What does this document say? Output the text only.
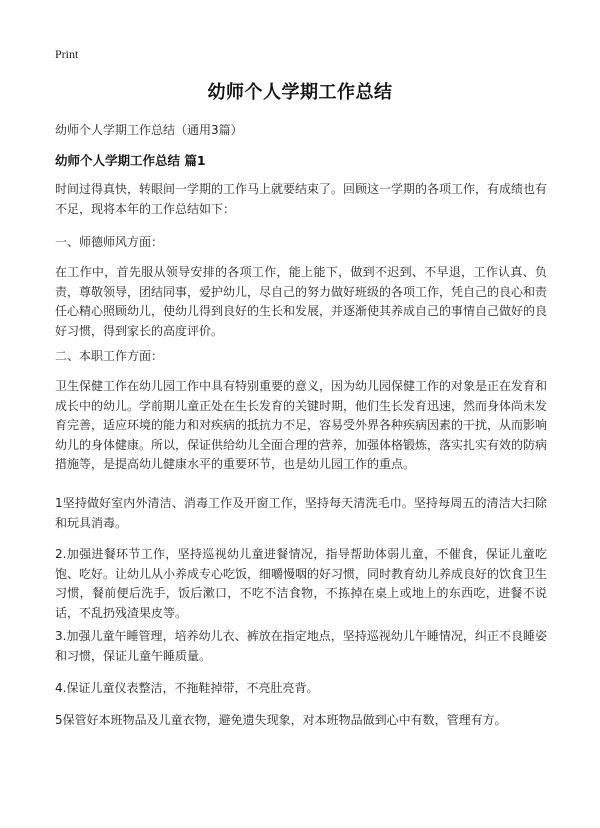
Print
幼师个人学期工作总结
幼师个人学期工作总结（通用3篇）
幼师个人学期工作总结 篇1
时间过得真快，转眼间一学期的工作马上就要结束了。回顾这一学期的各项工作，有成绩也有不足，现将本年的工作总结如下：
一、师德师风方面：
在工作中，首先服从领导安排的各项工作，能上能下，做到不迟到、不早退，工作认真、负责，尊敬领导，团结同事，爱护幼儿，尽自己的努力做好班级的各项工作，凭自己的良心和责任心精心照顾幼儿，使幼儿得到良好的生长和发展，并逐渐使其养成自己的事情自己做好的良好习惯，得到家长的高度评价。
二、本职工作方面：
卫生保健工作在幼儿园工作中具有特别重要的意义，因为幼儿园保健工作的对象是正在发育和成长中的幼儿。学前期儿童正处在生长发育的关键时期，他们生长发育迅速，然而身体尚未发育完善，适应环境的能力和对疾病的抵抗力不足，容易受外界各种疾病因素的干扰，从而影响幼儿的身体健康。所以，保证供给幼儿全面合理的营养，加强体格锻炼，落实扎实有效的防病措施等，是提高幼儿健康水平的重要环节，也是幼儿园工作的重点。
1坚持做好室内外清洁、消毒工作及开窗工作，坚持每天清洗毛巾。坚持每周五的清洁大扫除和玩具消毒。
2.加强进餐环节工作，坚持巡视幼儿童进餐情况，指导帮助体弱儿童，不催食，保证儿童吃饱、吃好。让幼儿从小养成专心吃饭，细嚼慢咽的好习惯，同时教育幼儿养成良好的饮食卫生习惯，餐前便后洗手，饭后漱口，不吃不洁食物，不拣掉在桌上或地上的东西吃，进餐不说话，不乱扔残渣果皮等。
3.加强儿童午睡管理，培养幼儿衣、裤放在指定地点，坚持巡视幼儿午睡情况，纠正不良睡姿和习惯，保证儿童午睡质量。
4.保证儿童仪表整洁，不拖鞋掉带，不亮肚亮背。
5保管好本班物品及儿童衣物，避免遗失现象，对本班物品做到心中有数，管理有方。
